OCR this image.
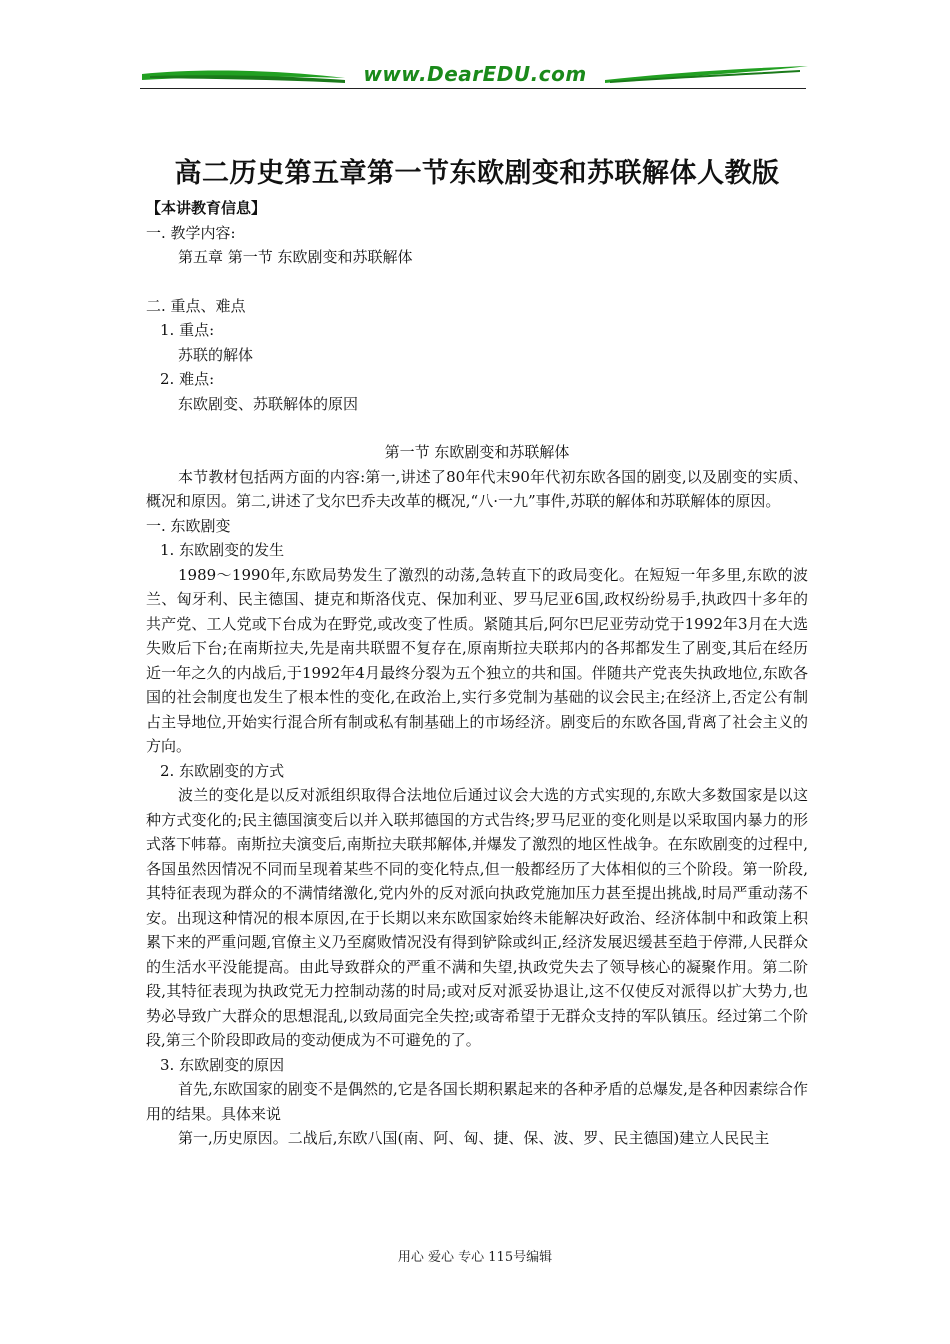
www.DearEDU.com
高二历史第五章第一节东欧剧变和苏联解体人教版

【本讲教育信息】

一. 教学内容:

第五章 第一节 东欧剧变和苏联解体

二. 重点、难点

1. 重点:

苏联的解体

2. 难点:

东欧剧变、苏联解体的原因

第一节 东欧剧变和苏联解体

本节教材包括两方面的内容:第一,讲述了80年代末90年代初东欧各国的剧变,以及剧变的实质、概况和原因。第二,讲述了戈尔巴乔夫改革的概况,“八·一九”事件,苏联的解体和苏联解体的原因。

一. 东欧剧变

1. 东欧剧变的发生

1989～1990年,东欧局势发生了激烈的动荡,急转直下的政局变化。在短短一年多里,东欧的波兰、匈牙利、民主德国、捷克和斯洛伐克、保加利亚、罗马尼亚6国,政权纷纷易手,执政四十多年的共产党、工人党或下台成为在野党,或改变了性质。紧随其后,阿尔巴尼亚劳动党于1992年3月在大选失败后下台;在南斯拉夫,先是南共联盟不复存在,原南斯拉夫联邦内的各邦都发生了剧变,其后在经历近一年之久的内战后,于1992年4月最终分裂为五个独立的共和国。伴随共产党丧失执政地位,东欧各国的社会制度也发生了根本性的变化,在政治上,实行多党制为基础的议会民主;在经济上,否定公有制占主导地位,开始实行混合所有制或私有制基础上的市场经济。剧变后的东欧各国,背离了社会主义的方向。

2. 东欧剧变的方式

波兰的变化是以反对派组织取得合法地位后通过议会大选的方式实现的,东欧大多数国家是以这种方式变化的;民主德国演变后以并入联邦德国的方式告终;罗马尼亚的变化则是以采取国内暴力的形式落下帏幕。南斯拉夫演变后,南斯拉夫联邦解体,并爆发了激烈的地区性战争。在东欧剧变的过程中,各国虽然因情况不同而呈现着某些不同的变化特点,但一般都经历了大体相似的三个阶段。第一阶段,其特征表现为群众的不满情绪激化,党内外的反对派向执政党施加压力甚至提出挑战,时局严重动荡不安。出现这种情况的根本原因,在于长期以来东欧国家始终未能解决好政治、经济体制中和政策上积累下来的严重问题,官僚主义乃至腐败情况没有得到铲除或纠正,经济发展迟缓甚至趋于停滞,人民群众的生活水平没能提高。由此导致群众的严重不满和失望,执政党失去了领导核心的凝聚作用。第二阶段,其特征表现为执政党无力控制动荡的时局;或对反对派妥协退让,这不仅使反对派得以扩大势力,也势必导致广大群众的思想混乱,以致局面完全失控;或寄希望于无群众支持的军队镇压。经过第二个阶段,第三个阶段即政局的变动便成为不可避免的了。

3. 东欧剧变的原因

首先,东欧国家的剧变不是偶然的,它是各国长期积累起来的各种矛盾的总爆发,是各种因素综合作用的结果。具体来说

第一,历史原因。二战后,东欧八国(南、阿、匈、捷、保、波、罗、民主德国)建立人民民主

用心 爱心 专心 115号编辑
